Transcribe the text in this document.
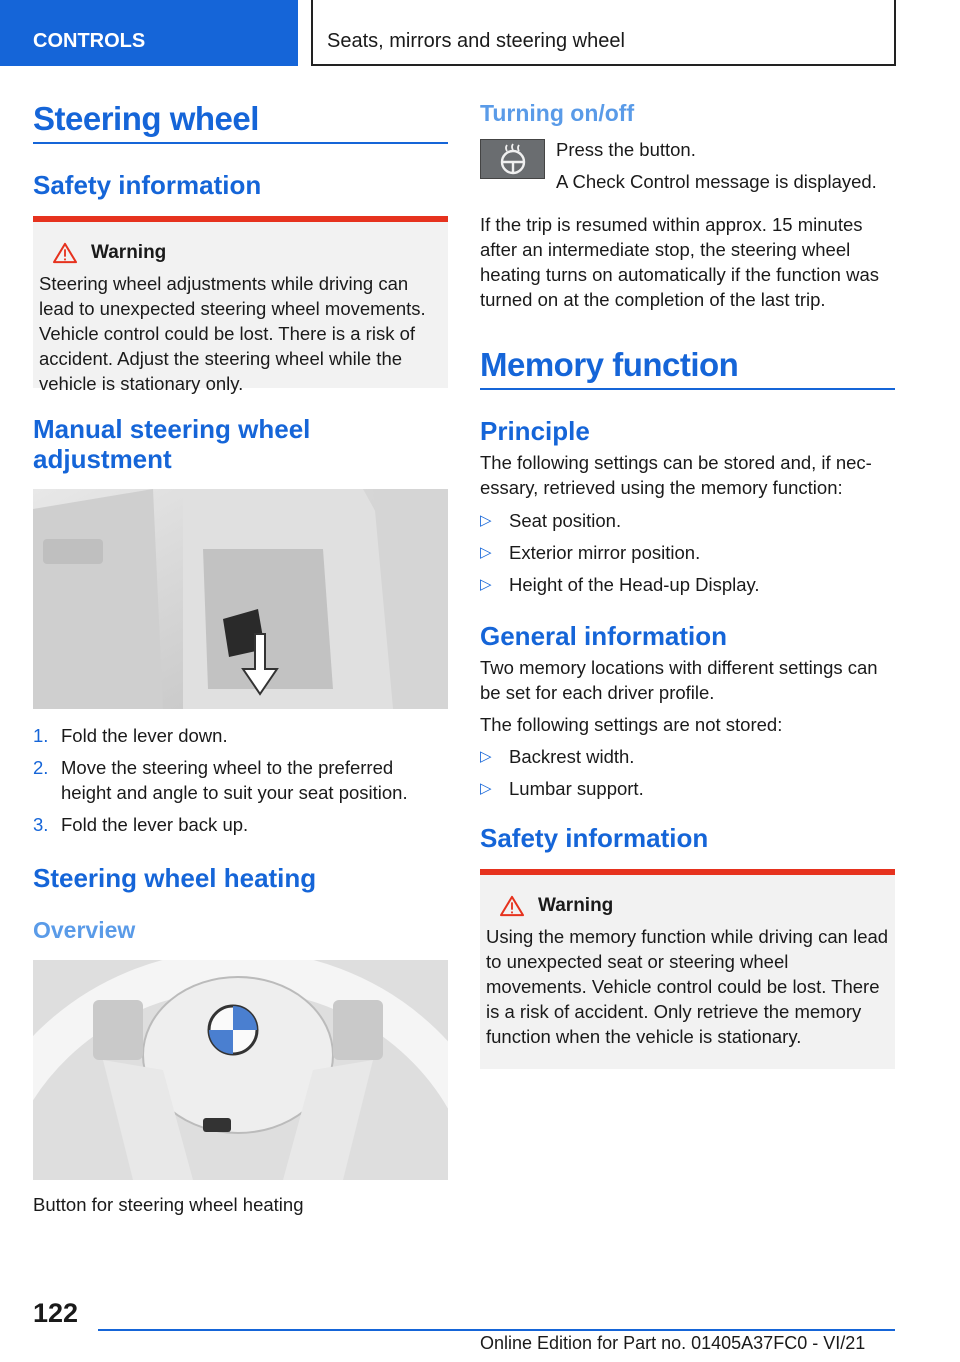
CONTROLS	Seats, mirrors and steering wheel
Steering wheel
Safety information
Warning

Steering wheel adjustments while driving can lead to unexpected steering wheel movements. Vehicle control could be lost. There is a risk of accident. Adjust the steering wheel while the vehicle is stationary only.

Manual steering wheel adjustment
1. Fold the lever down.
2. Move the steering wheel to the preferred height and angle to suit your seat position.
3. Fold the lever back up.
Steering wheel heating
Overview

Button for steering wheel heating

Turning on/off

Press the button.

A Check Control message is displayed.

If the trip is resumed within approx. 15 minutes after an intermediate stop, the steering wheel heating turns on automatically if the function was turned on at the completion of the last trip.

Memory function
Principle

The following settings can be stored and, if nec‐ essary, retrieved using the memory function:

▷ Seat position.
▷ Exterior mirror position.
▷ Height of the Head-up Display.
General information

Two memory locations with different settings can be set for each driver profile.

The following settings are not stored:

▷ Backrest width.
▷ Lumbar support.
Safety information
Warning

Using the memory function while driving can lead to unexpected seat or steering wheel movements. Vehicle control could be lost. There is a risk of accident. Only retrieve the memory function when the vehicle is stationary.

122
Online Edition for Part no. 01405A37FC0 - VI/21
